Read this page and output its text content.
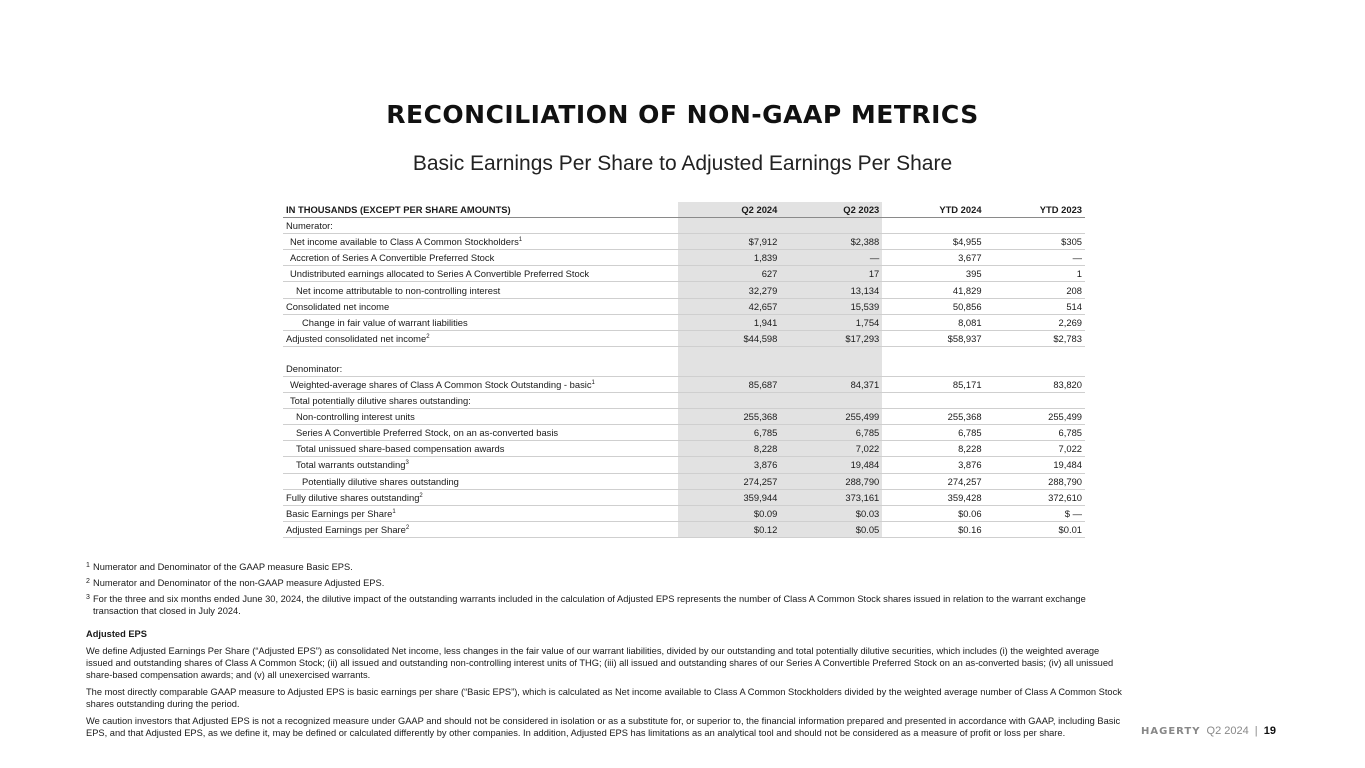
RECONCILIATION OF NON-GAAP METRICS
Basic Earnings Per Share to Adjusted Earnings Per Share
IN THOUSANDS (EXCEPT PER SHARE AMOUNTS)	Q2 2024	Q2 2023	YTD 2024	YTD 2023
Numerator:				
Net income available to Class A Common Stockholders$^1$	$7,912	$2,388	$4,955	$305
Accretion of Series A Convertible Preferred Stock	1,839	—	3,677	—
Undistributed earnings allocated to Series A Convertible Preferred Stock	627	17	395	1
Net income attributable to non-controlling interest	32,279	13,134	41,829	208
Consolidated net income	42,657	15,539	50,856	514
Change in fair value of warrant liabilities	1,941	1,754	8,081	2,269
Adjusted consolidated net income$^2$	$44,598	$17,293	$58,937	$2,783

Denominator:				
Weighted-average shares of Class A Common Stock Outstanding - basic$^1$	85,687	84,371	85,171	83,820
Total potentially dilutive shares outstanding:				
Non-controlling interest units	255,368	255,499	255,368	255,499
Series A Convertible Preferred Stock, on an as-converted basis	6,785	6,785	6,785	6,785
Total unissued share-based compensation awards	8,228	7,022	8,228	7,022
Total warrants outstanding$^3$	3,876	19,484	3,876	19,484
Potentially dilutive shares outstanding	274,257	288,790	274,257	288,790
Fully dilutive shares outstanding$^2$	359,944	373,161	359,428	372,610
Basic Earnings per Share$^1$	$0.09	$0.03	$0.06	$ —
Adjusted Earnings per Share$^2$	$0.12	$0.05	$0.16	$0.01
1 Numerator and Denominator of the GAAP measure Basic EPS.
2 Numerator and Denominator of the non-GAAP measure Adjusted EPS.
3 For the three and six months ended June 30, 2024, the dilutive impact of the outstanding warrants included in the calculation of Adjusted EPS represents the number of Class A Common Stock shares issued in relation to the warrant exchange transaction that closed in July 2024.
Adjusted EPS
We define Adjusted Earnings Per Share (“Adjusted EPS”) as consolidated Net income, less changes in the fair value of our warrant liabilities, divided by our outstanding and total potentially dilutive securities, which includes (i) the weighted average issued and outstanding shares of Class A Common Stock; (ii) all issued and outstanding non-controlling interest units of THG; (iii) all issued and outstanding shares of our Series A Convertible Preferred Stock on an as-converted basis; (iv) all unissued share-based compensation awards; and (v) all unexercised warrants.
The most directly comparable GAAP measure to Adjusted EPS is basic earnings per share (“Basic EPS”), which is calculated as Net income available to Class A Common Stockholders divided by the weighted average number of Class A Common Stock shares outstanding during the period.
We caution investors that Adjusted EPS is not a recognized measure under GAAP and should not be considered in isolation or as a substitute for, or superior to, the financial information prepared and presented in accordance with GAAP, including Basic EPS, and that Adjusted EPS, as we define it, may be defined or calculated differently by other companies. In addition, Adjusted EPS has limitations as an analytical tool and should not be considered as a measure of profit or loss per share.	HAGERTY Q2 2024 | 19
